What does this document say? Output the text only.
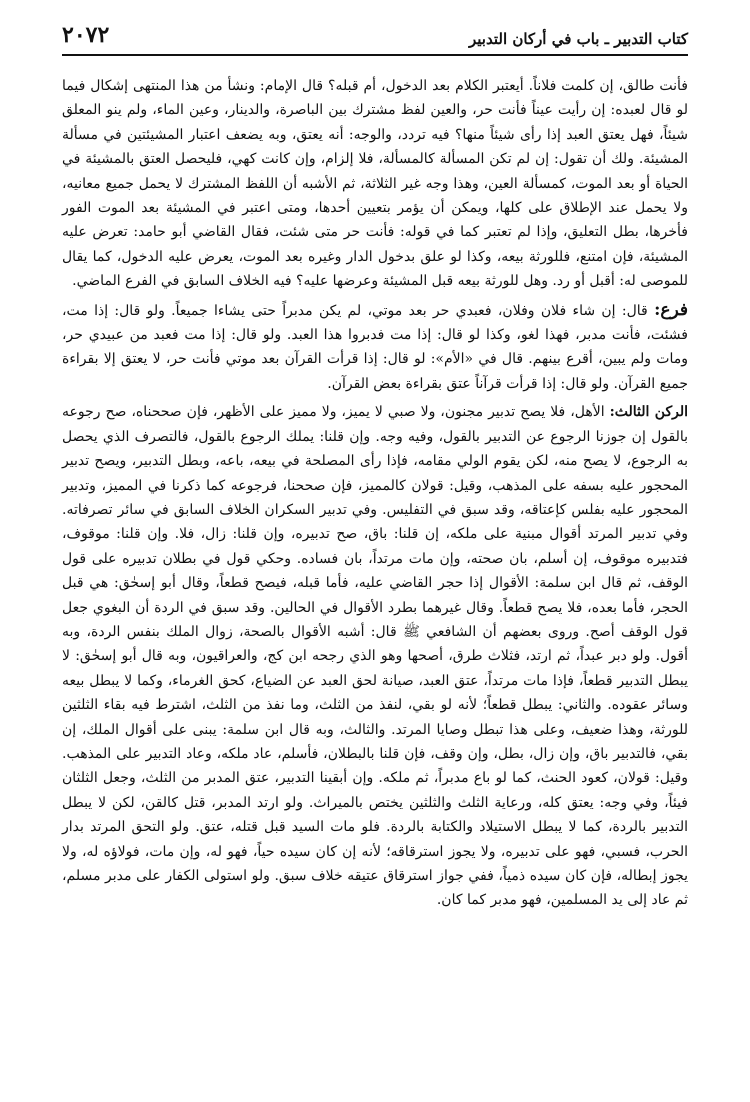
كتاب التدبير ـ باب في أركان التدبير
٢٠٧٢

فأنت طالق، إن كلمت فلاناً. أيعتبر الكلام بعد الدخول، أم قبله؟ قال الإمام: ونشأ من هذا المنتهى إشكال فيما لو قال لعبده: إن رأيت عيناً فأنت حر، والعين لفظ مشترك بين الباصرة، والدينار، وعين الماء، ولم ينو المعلق شيئاً، فهل يعتق العبد إذا رأى شيئاً منها؟ فيه تردد، والوجه: أنه يعتق، وبه يضعف اعتبار المشيئتين في مسألة المشيئة. ولك أن تقول: إن لم تكن المسألة كالمسألة، فلا إلزام، وإن كانت كهي، فليحصل العتق بالمشيئة في الحياة أو بعد الموت، كمسألة العين، وهذا وجه غير الثلاثة، ثم الأشبه أن اللفظ المشترك لا يحمل جميع معانيه، ولا يحمل عند الإطلاق على كلها، ويمكن أن يؤمر بتعيين أحدها، ومتى اعتبر في المشيئة بعد الموت الفور فأخرها، بطل التعليق، وإذا لم تعتبر كما في قوله: فأنت حر متى شئت، فقال القاضي أبو حامد: تعرض عليه المشيئة، فإن امتنع، فللورثة بيعه، وكذا لو علق بدخول الدار وغيره بعد الموت، يعرض عليه الدخول، كما يقال للموصى له: أقبل أو رد. وهل للورثة بيعه قبل المشيئة وعرضها عليه؟ فيه الخلاف السابق في الفرع الماضي.

فرع: قال: إن شاء فلان وفلان، فعبدي حر بعد موتي، لم يكن مدبراً حتى يشاءا جميعاً. ولو قال: إذا مت، فشئت، فأنت مدبر، فهذا لغو، وكذا لو قال: إذا مت فدبروا هذا العبد. ولو قال: إذا مت فعبد من عبيدي حر، ومات ولم يبين، أقرع بينهم. قال في «الأم»: لو قال: إذا قرأت القرآن بعد موتي فأنت حر، لا يعتق إلا بقراءة جميع القرآن. ولو قال: إذا قرأت قرآناً عتق بقراءة بعض القرآن.

الركن الثالث: الأهل، فلا يصح تدبير مجنون، ولا صبي لا يميز، ولا مميز على الأظهر، فإن صححناه، صح رجوعه بالقول إن جوزنا الرجوع عن التدبير بالقول، وفيه وجه. وإن قلنا: يملك الرجوع بالقول، فالتصرف الذي يحصل به الرجوع، لا يصح منه، لكن يقوم الولي مقامه، فإذا رأى المصلحة في بيعه، باعه، وبطل التدبير، ويصح تدبير المحجور عليه بسفه على المذهب، وقيل: قولان كالمميز، فإن صححنا، فرجوعه كما ذكرنا في المميز، وتدبير المحجور عليه بفلس كإعتاقه، وقد سبق في التفليس. وفي تدبير السكران الخلاف السابق في سائر تصرفاته. وفي تدبير المرتد أقوال مبنية على ملكه، إن قلنا: باق، صح تدبيره، وإن قلنا: زال، فلا. وإن قلنا: موقوف، فتدبيره موقوف، إن أسلم، بان صحته، وإن مات مرتداً، بان فساده. وحكي قول في بطلان تدبيره على قول الوقف، ثم قال ابن سلمة: الأقوال إذا حجر القاضي عليه، فأما قبله، فيصح قطعاً، وقال أبو إسحٰق: هي قبل الحجر، فأما بعده، فلا يصح قطعاً. وقال غيرهما بطرد الأقوال في الحالين. وقد سبق في الردة أن البغوي جعل قول الوقف أصح. وروى بعضهم أن الشافعي ﷺ قال: أشبه الأقوال بالصحة، زوال الملك بنفس الردة، وبه أقول. ولو دبر عبداً، ثم ارتد، فثلاث طرق، أصحها وهو الذي رجحه ابن كج، والعراقيون، وبه قال أبو إسحٰق: لا يبطل التدبير قطعاً، فإذا مات مرتداً، عتق العبد، صيانة لحق العبد عن الضياع، كحق الغرماء، وكما لا يبطل بيعه وسائر عقوده. والثاني: يبطل قطعاً؛ لأنه لو بقي، لنفذ من الثلث، وما نفذ من الثلث، اشترط فيه بقاء الثلثين للورثة، وهذا ضعيف، وعلى هذا تبطل وصايا المرتد. والثالث، وبه قال ابن سلمة: يبنى على أقوال الملك، إن بقي، فالتدبير باق، وإن زال، بطل، وإن وقف، فإن قلنا بالبطلان، فأسلم، عاد ملكه، وعاد التدبير على المذهب. وقيل: قولان، كعود الحنث، كما لو باع مدبراً، ثم ملكه. وإن أبقينا التدبير، عتق المدبر من الثلث، وجعل الثلثان فيئاً، وفي وجه: يعتق كله، ورعاية الثلث والثلثين يختص بالميراث. ولو ارتد المدبر، قتل كالقن، لكن لا يبطل التدبير بالردة، كما لا يبطل الاستيلاد والكتابة بالردة. فلو مات السيد قبل قتله، عتق. ولو التحق المرتد بدار الحرب، فسبي، فهو على تدبيره، ولا يجوز استرقاقه؛ لأنه إن كان سيده حياً، فهو له، وإن مات، فولاؤه له، ولا يجوز إبطاله، فإن كان سيده ذمياً، ففي جواز استرقاق عتيقه خلاف سبق. ولو استولى الكفار على مدبر مسلم، ثم عاد إلى يد المسلمين، فهو مدبر كما كان.
